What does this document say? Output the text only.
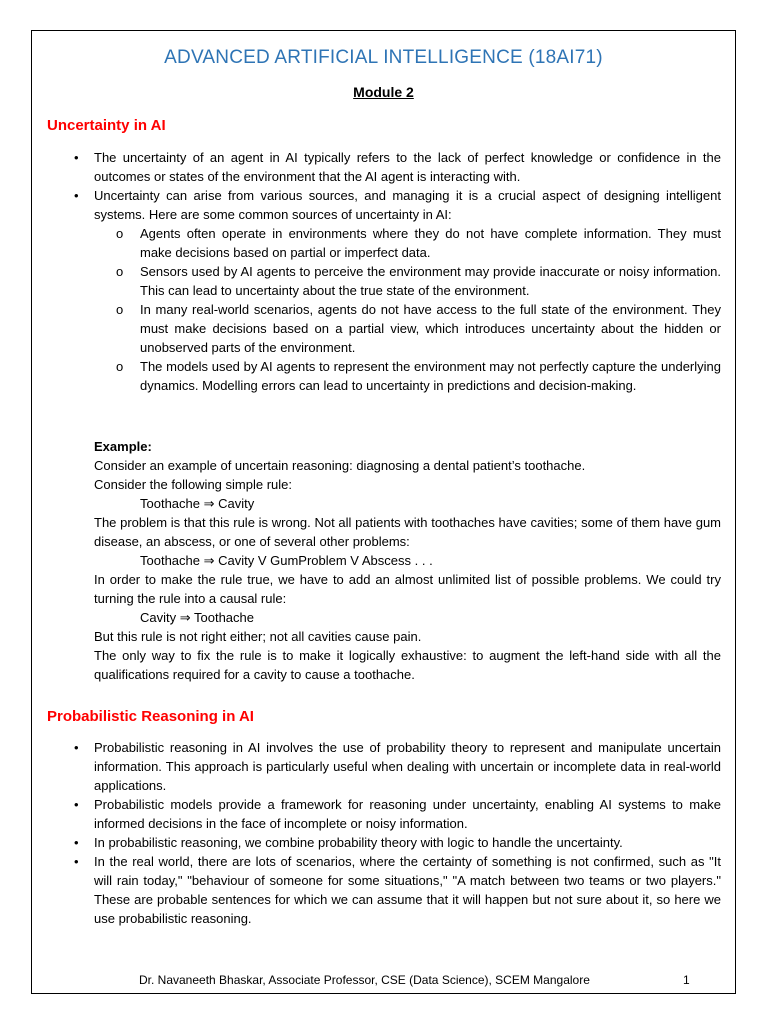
ADVANCED ARTIFICIAL INTELLIGENCE (18AI71)
Module 2
Uncertainty in AI
• The uncertainty of an agent in AI typically refers to the lack of perfect knowledge or confidence in the outcomes or states of the environment that the AI agent is interacting with.
• Uncertainty can arise from various sources, and managing it is a crucial aspect of designing intelligent systems. Here are some common sources of uncertainty in AI:
o Agents often operate in environments where they do not have complete information. They must make decisions based on partial or imperfect data.
o Sensors used by AI agents to perceive the environment may provide inaccurate or noisy information. This can lead to uncertainty about the true state of the environment.
o In many real-world scenarios, agents do not have access to the full state of the environment. They must make decisions based on a partial view, which introduces uncertainty about the hidden or unobserved parts of the environment.
o The models used by AI agents to represent the environment may not perfectly capture the underlying dynamics. Modelling errors can lead to uncertainty in predictions and decision-making.

Example:

Consider an example of uncertain reasoning: diagnosing a dental patient’s toothache.

Consider the following simple rule:

Toothache ⇒ Cavity

The problem is that this rule is wrong. Not all patients with toothaches have cavities; some of them have gum disease, an abscess, or one of several other problems:

Toothache ⇒ Cavity V GumProblem V Abscess . . .

In order to make the rule true, we have to add an almost unlimited list of possible problems. We could try turning the rule into a causal rule:

Cavity ⇒ Toothache

But this rule is not right either; not all cavities cause pain.

The only way to fix the rule is to make it logically exhaustive: to augment the left-hand side with all the qualifications required for a cavity to cause a toothache.

Probabilistic Reasoning in AI
• Probabilistic reasoning in AI involves the use of probability theory to represent and manipulate uncertain information. This approach is particularly useful when dealing with uncertain or incomplete data in real-world applications.
• Probabilistic models provide a framework for reasoning under uncertainty, enabling AI systems to make informed decisions in the face of incomplete or noisy information.
• In probabilistic reasoning, we combine probability theory with logic to handle the uncertainty.
• In the real world, there are lots of scenarios, where the certainty of something is not confirmed, such as "It will rain today," "behaviour of someone for some situations," "A match between two teams or two players." These are probable sentences for which we can assume that it will happen but not sure about it, so here we use probabilistic reasoning.
Dr. Navaneeth Bhaskar, Associate Professor, CSE (Data Science), SCEM Mangalore	1
